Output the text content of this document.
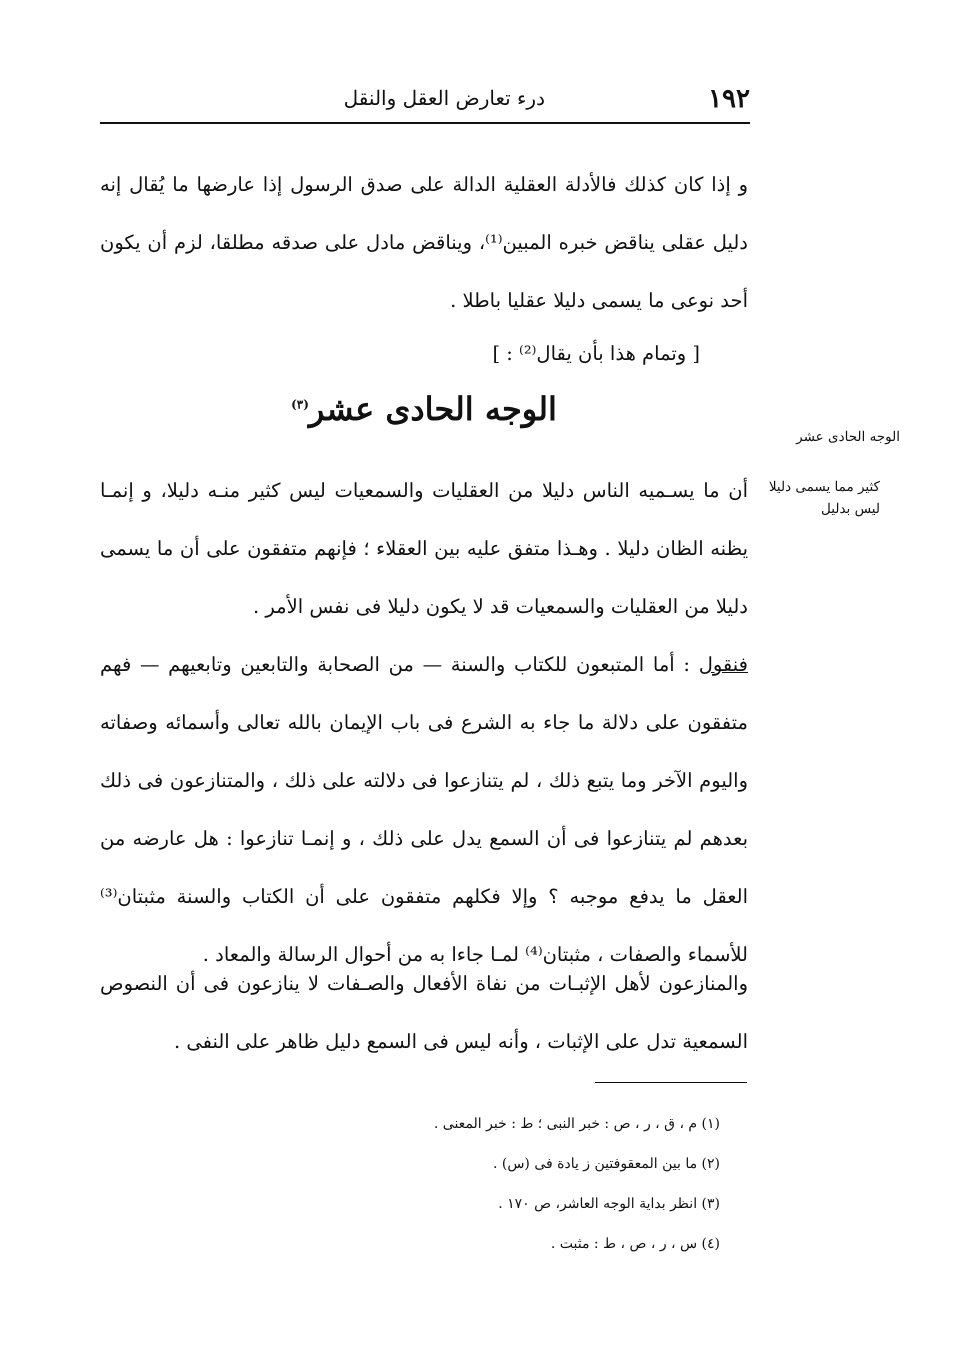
١٩٢
درء تعارض العقل والنقل

و إذا كان كذلك فالأدلة العقلية الدالة على صدق الرسول إذا عارضها ما يُقال إنه دليل عقلى يناقض خبره المبين⁽¹⁾، ويناقض مادل على صدقه مطلقا، لزم أن يكون أحد نوعى ما يسمى دليلا عقليا باطلا .

[ وتمام هذا بأن يقال⁽²⁾ : ]

الوجه الحادى عشر$^{(٣)}$

الوجه الحادى عشر

كثير مما يسمى دليلا ليس بدليل

أن ما يسـميه الناس دليلا من العقليات والسمعيات ليس كثير منـه دليلا، و إنمـا يظنه الظان دليلا . وهـذا متفق عليه بين العقلاء ؛ فإنهم متفقون على أن ما يسمى دليلا من العقليات والسمعيات قد لا يكون دليلا فى نفس الأمر .

فنقول : أما المتبعون للكتاب والسنة — من الصحابة والتابعين وتابعيهم — فهم متفقون على دلالة ما جاء به الشرع فى باب الإيمان بالله تعالى وأسمائه وصفاته واليوم الآخر وما يتبع ذلك ، لم يتنازعوا فى دلالته على ذلك ، والمتنازعون فى ذلك بعدهم لم يتنازعوا فى أن السمع يدل على ذلك ، و إنمـا تنازعوا : هل عارضه من العقل ما يدفع موجبه ؟ وإلا فكلهم متفقون على أن الكتاب والسنة مثبتان⁽³⁾ للأسماء والصفات ، مثبتان⁽⁴⁾ لمـا جاءا به من أحوال الرسالة والمعاد .

والمنازعون لأهل الإثبـات من نفاة الأفعال والصـفات لا ينازعون فى أن النصوص السمعية تدل على الإثبات ، وأنه ليس فى السمع دليل ظاهر على النفى .

(١) م ، ق ، ر ، ص : خبر النبى ؛ ط : خبر المعنى .
(٢) ما بين المعقوفتين ز يادة فى (س) .
(٣) انظر بداية الوجه العاشر، ص ١٧٠ .
(٤) س ، ر ، ص ، ط : مثبت .
